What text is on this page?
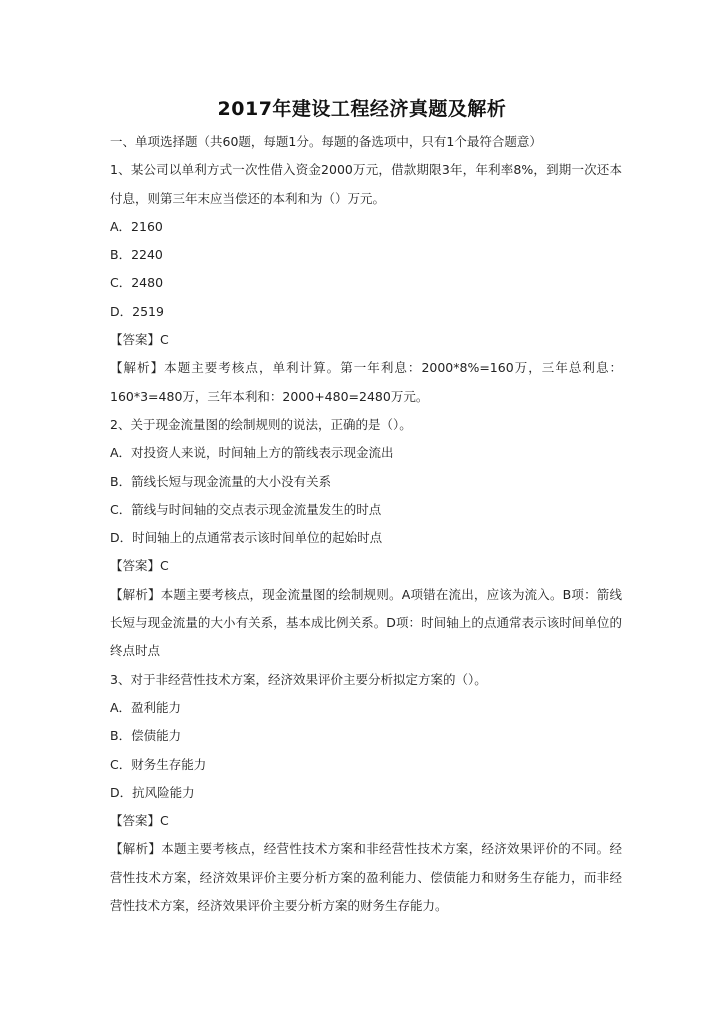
2017年建设工程经济真题及解析
一、单项选择题（共60题，每题1分。每题的备选项中，只有1个最符合题意）
1、某公司以单利方式一次性借入资金2000万元，借款期限3年，年利率8%，到期一次还本付息，则第三年末应当偿还的本利和为（）万元。
A．2160
B．2240
C．2480
D．2519
【答案】C
【解析】本题主要考核点，单利计算。第一年利息：2000*8%=160万，三年总利息：160*3=480万，三年本利和：2000+480=2480万元。
2、关于现金流量图的绘制规则的说法，正确的是（）。
A．对投资人来说，时间轴上方的箭线表示现金流出
B．箭线长短与现金流量的大小没有关系
C．箭线与时间轴的交点表示现金流量发生的时点
D．时间轴上的点通常表示该时间单位的起始时点
【答案】C
【解析】本题主要考核点，现金流量图的绘制规则。A项错在流出，应该为流入。B项：箭线长短与现金流量的大小有关系，基本成比例关系。D项：时间轴上的点通常表示该时间单位的终点时点
3、对于非经营性技术方案，经济效果评价主要分析拟定方案的（）。
A．盈利能力
B．偿债能力
C．财务生存能力
D．抗风险能力
【答案】C
【解析】本题主要考核点，经营性技术方案和非经营性技术方案，经济效果评价的不同。经营性技术方案，经济效果评价主要分析方案的盈利能力、偿债能力和财务生存能力，而非经营性技术方案，经济效果评价主要分析方案的财务生存能力。
